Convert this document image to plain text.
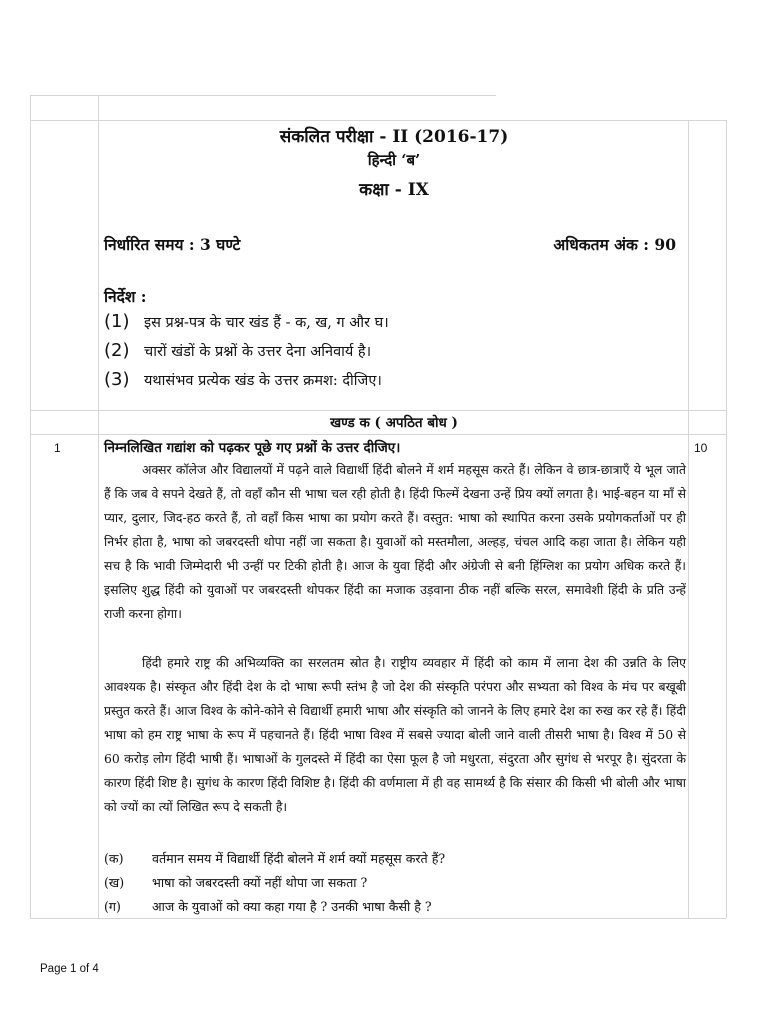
संकलित परीक्षा - II (2016-17)
हिन्दी ‘ब’
कक्षा - IX
निर्धारित समय : 3 घण्टे	अधिकतम अंक : 90
निर्देश :
(1)	इस प्रश्न-पत्र के चार खंड हैं - क, ख, ग और घ।
(2)	चारों खंडों के प्रश्नों के उत्तर देना अनिवार्य है।
(3)	यथासंभव प्रत्येक खंड के उत्तर क्रमश: दीजिए।
खण्ड क ( अपठित बोध )
1	10
निम्नलिखित गद्यांश को पढ़कर पूछे गए प्रश्नों के उत्तर दीजिए।

अक्सर कॉलेज और विद्यालयों में पढ़ने वाले विद्यार्थी हिंदी बोलने में शर्म महसूस करते हैं। लेकिन वे छात्र-छात्राएँ ये भूल जाते हैं कि जब वे सपने देखते हैं, तो वहाँ कौन सी भाषा चल रही होती है। हिंदी फिल्में देखना उन्हें प्रिय क्यों लगता है। भाई-बहन या माँ से प्यार, दुलार, जिद-हठ करते हैं, तो वहाँ किस भाषा का प्रयोग करते हैं। वस्तुत: भाषा को स्थापित करना उसके प्रयोगकर्ताओं पर ही निर्भर होता है, भाषा को जबरदस्ती थोपा नहीं जा सकता है। युवाओं को मस्तमौला, अल्हड़, चंचल आदि कहा जाता है। लेकिन यही सच है कि भावी जिम्मेदारी भी उन्हीं पर टिकी होती है। आज के युवा हिंदी और अंग्रेजी से बनी हिंग्लिश का प्रयोग अधिक करते हैं। इसलिए शुद्ध हिंदी को युवाओं पर जबरदस्ती थोपकर हिंदी का मजाक उड़वाना ठीक नहीं बल्कि सरल, समावेशी हिंदी के प्रति उन्हें राजी करना होगा।

हिंदी हमारे राष्ट्र की अभिव्यक्ति का सरलतम स्रोत है। राष्ट्रीय व्यवहार में हिंदी को काम में लाना देश की उन्नति के लिए आवश्यक है। संस्कृत और हिंदी देश के दो भाषा रूपी स्तंभ है जो देश की संस्कृति परंपरा और सभ्यता को विश्व के मंच पर बखूबी प्रस्तुत करते हैं। आज विश्व के कोने-कोने से विद्यार्थी हमारी भाषा और संस्कृति को जानने के लिए हमारे देश का रुख कर रहे हैं। हिंदी भाषा को हम राष्ट्र भाषा के रूप में पहचानते हैं। हिंदी भाषा विश्व में सबसे ज्यादा बोली जाने वाली तीसरी भाषा है। विश्व में 50 से 60 करोड़ लोग हिंदी भाषी हैं। भाषाओं के गुलदस्ते में हिंदी का ऐसा फूल है जो मधुरता, संदुरता और सुगंध से भरपूर है। सुंदरता के कारण हिंदी शिष्ट है। सुगंध के कारण हिंदी विशिष्ट है। हिंदी की वर्णमाला में ही वह सामर्थ्य है कि संसार की किसी भी बोली और भाषा को ज्यों का त्यों लिखित रूप दे सकती है।

(क)	वर्तमान समय में विद्यार्थी हिंदी बोलने में शर्म क्यों महसूस करते हैं?
(ख)	भाषा को जबरदस्ती क्यों नहीं थोपा जा सकता ?
(ग)	आज के युवाओं को क्या कहा गया है ? उनकी भाषा कैसी है ?
Page 1 of 4
